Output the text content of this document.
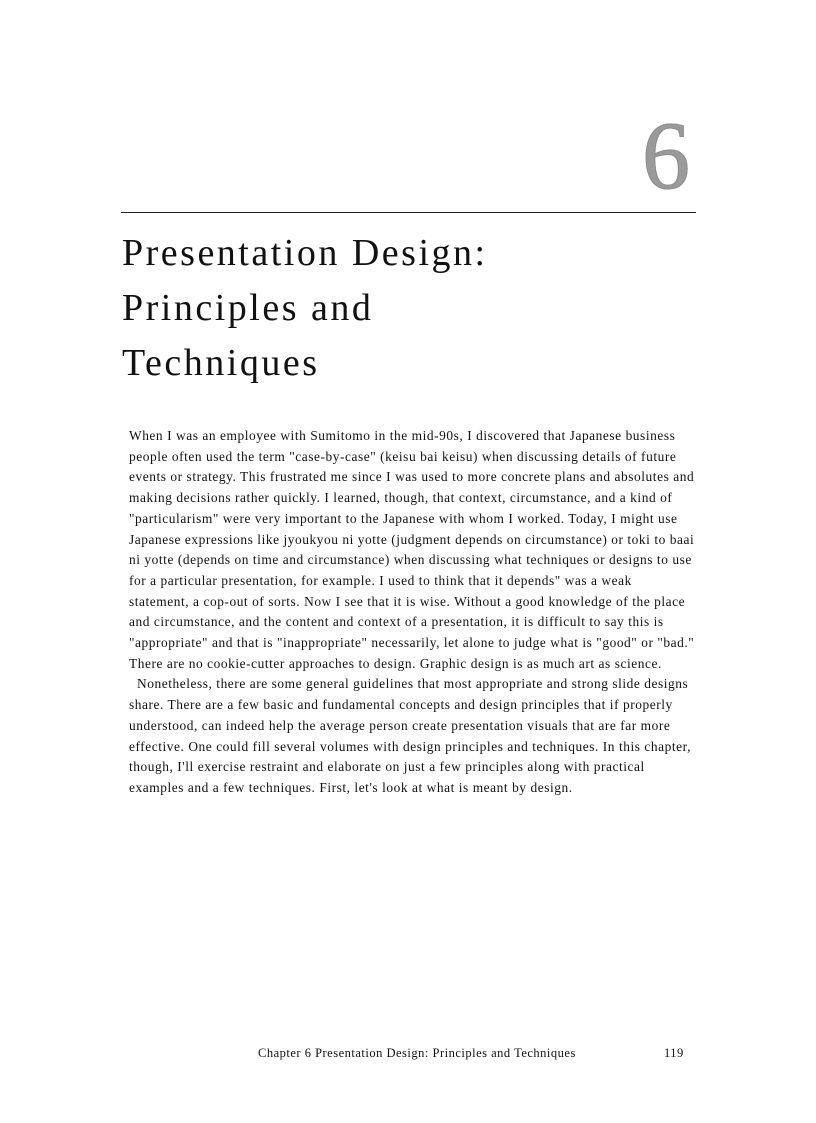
6
Presentation Design:
Principles and
Techniques

When I was an employee with Sumitomo in the mid-90s, I discovered that Japanese business people often used the term "case-by-case" (keisu bai keisu) when discussing details of future events or strategy. This frustrated me since I was used to more concrete plans and absolutes and making decisions rather quickly. I learned, though, that context, circumstance, and a kind of "particularism" were very important to the Japanese with whom I worked. Today, I might use Japanese expressions like jyoukyou ni yotte (judgment depends on circumstance) or toki to baai ni yotte (depends on time and circumstance) when discussing what techniques or designs to use for a particular presentation, for example. I used to think that it depends" was a weak statement, a cop-out of sorts. Now I see that it is wise. Without a good knowledge of the place and circumstance, and the content and context of a presentation, it is difficult to say this is "appropriate" and that is "inappropriate" necessarily, let alone to judge what is "good" or "bad." There are no cookie-cutter approaches to design. Graphic design is as much art as science.

Nonetheless, there are some general guidelines that most appropriate and strong slide designs share. There are a few basic and fundamental concepts and design principles that if properly understood, can indeed help the average person create presentation visuals that are far more effective. One could fill several volumes with design principles and techniques. In this chapter, though, I'll exercise restraint and elaborate on just a few principles along with practical examples and a few techniques. First, let's look at what is meant by design.

Chapter 6 Presentation Design: Principles and Techniques	119
